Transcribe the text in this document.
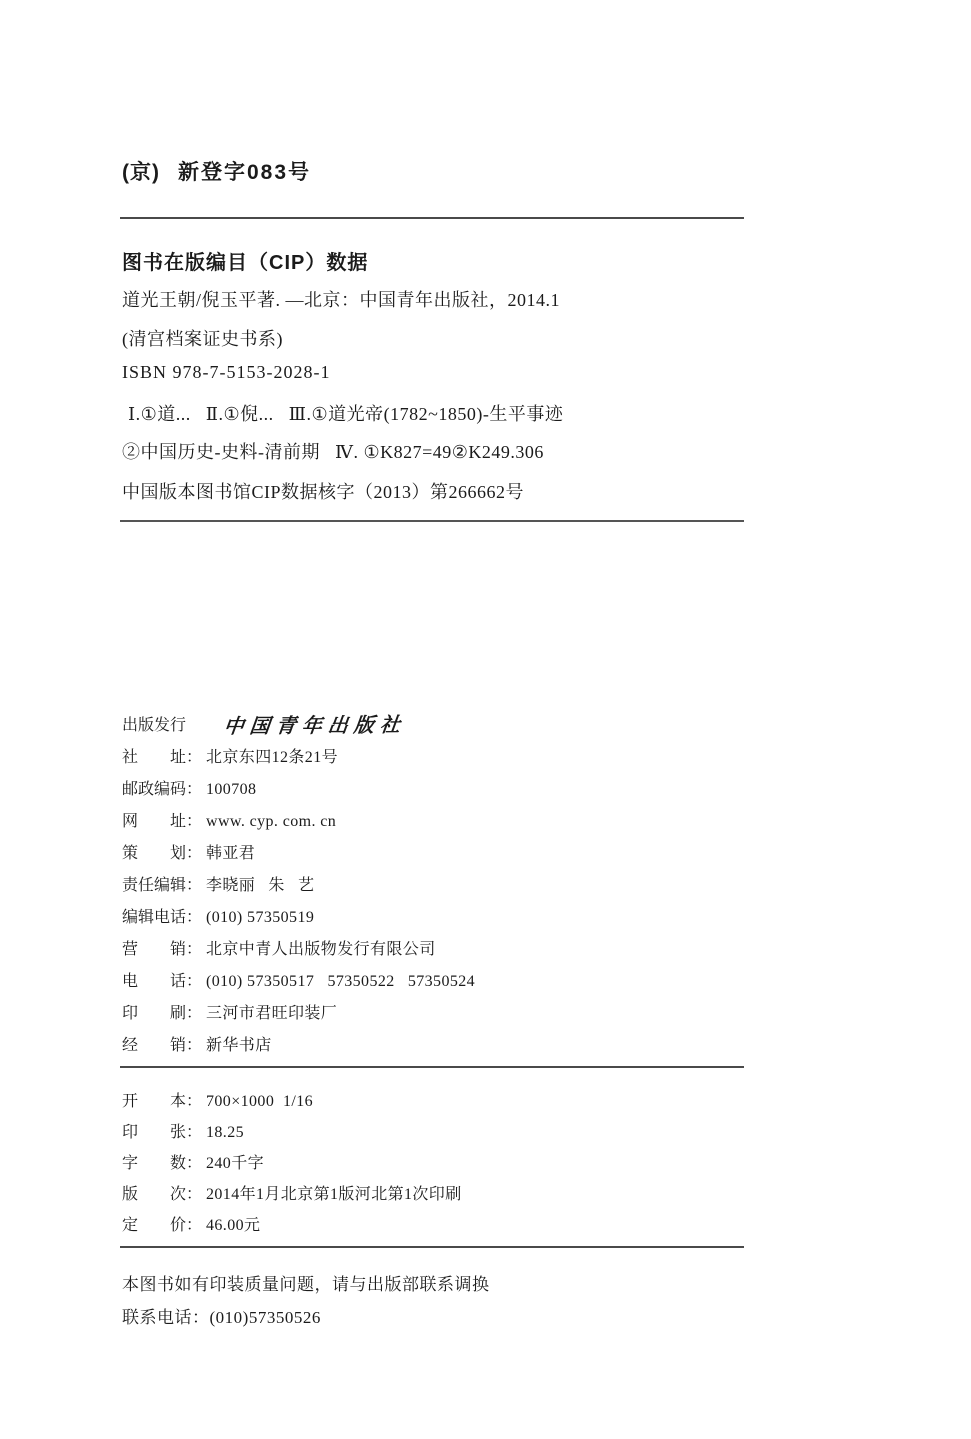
(京) 新登字083号
图书在版编目（CIP）数据
道光王朝/倪玉平著. —北京：中国青年出版社，2014.1
(清宫档案证史书系)
ISBN 978-7-5153-2028-1
Ⅰ.①道...   Ⅱ.①倪...   Ⅲ.①道光帝(1782~1850)-生平事迹
②中国历史-史料-清前期   Ⅳ. ①K827=49②K249.306
中国版本图书馆CIP数据核字（2013）第266662号
出版发行 中国青年出版社
社址： 北京东四12条21号
邮政编码： 100708
网址： www. cyp. com. cn
策划： 韩亚君
责任编辑： 李晓丽   朱   艺
编辑电话： (010) 57350519
营销： 北京中青人出版物发行有限公司
电话： (010) 57350517   57350522   57350524
印刷： 三河市君旺印装厂
经销： 新华书店
开本： 700×1000  1/16
印张： 18.25
字数： 240千字
版次： 2014年1月北京第1版河北第1次印刷
定价： 46.00元
本图书如有印装质量问题，请与出版部联系调换
联系电话：(010)57350526
